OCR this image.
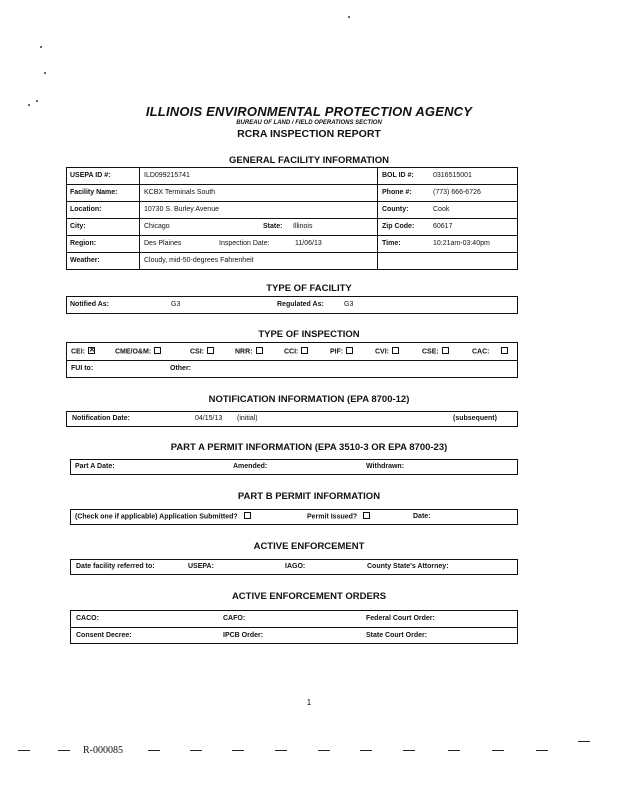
ILLINOIS ENVIRONMENTAL PROTECTION AGENCY
BUREAU OF LAND / FIELD OPERATIONS SECTION
RCRA INSPECTION REPORT
GENERAL FACILITY INFORMATION
USEPA ID #:	ILD099215741	BOL ID #:	0316515001
Facility Name:	KCBX Terminals South	Phone #:	(773) 666-6726
Location:	10730 S. Burley Avenue	County:	Cook
City:	Chicago	State: Illinois	Zip Code:	60617
Region:	Des Plaines	Inspection Date:	11/06/13	Time:	10:21am-03:40pm
Weather:	Cloudy, mid-50-degrees Fahrenheit
TYPE OF FACILITY
Notified As:	G3	Regulated As:	G3
TYPE OF INSPECTION
CEI: ✕	CME/O&M:	CSI:	NRR:	CCI:	PIF:	CVI:	CSE:	CAC:
FUI to:	Other:
NOTIFICATION INFORMATION (EPA 8700-12)
Notification Date:	04/15/13 (initial)	(subsequent)
PART A PERMIT INFORMATION (EPA 3510-3 OR EPA 8700-23)
Part A Date:	Amended:	Withdrawn:
PART B PERMIT INFORMATION
(Check one if applicable) Application Submitted?	Permit Issued?	Date:
ACTIVE ENFORCEMENT
Date facility referred to:	USEPA:	IAGO:	County State's Attorney:
ACTIVE ENFORCEMENT ORDERS
CACO:	CAFO:	Federal Court Order:
Consent Decree:	IPCB Order:	State Court Order:
1
R-000085
